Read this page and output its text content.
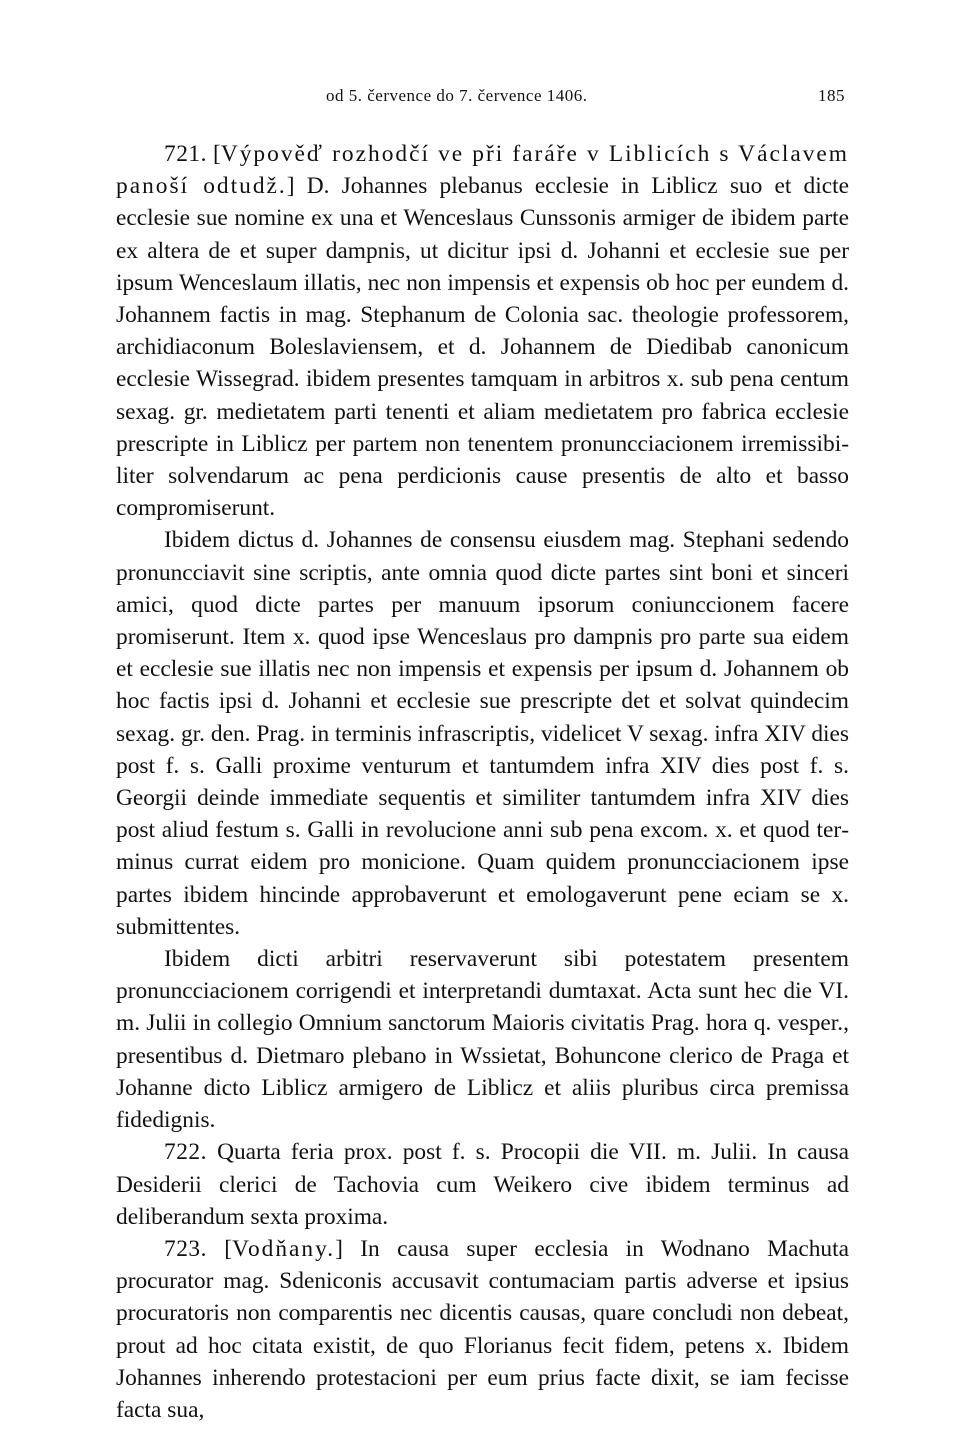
od 5. července do 7. července 1406.	185

721. [Výpověď rozhodčí ve při faráře v Liblicích s Václavem panoší odtudž.] D. Johannes plebanus ecclesie in Liblicz suo et dicte ecclesie sue nomine ex una et Wenceslaus Cunssonis armiger de ibidem parte ex altera de et super dampnis, ut dicitur ipsi d. Johanni et ecclesie sue per ipsum Wenceslaum illatis, nec non impensis et expensis ob hoc per eundem d. Johannem factis in mag. Stephanum de Colonia sac. theologie professorem, archidiaconum Boleslaviensem, et d. Johannem de Diedibab canonicum ecclesie Wissegrad. ibidem presentes tamquam in arbitros x. sub pena centum sexag. gr. medietatem parti tenenti et aliam medietatem pro fabrica ecclesie prescripte in Liblicz per partem non tenentem pronuncciacionem irremissibiliter solvendarum ac pena perdicionis cause presentis de alto et basso compromiserunt.

Ibidem dictus d. Johannes de consensu eiusdem mag. Stephani sedendo pronuncciavit sine scriptis, ante omnia quod dicte partes sint boni et sinceri amici, quod dicte partes per manuum ipsorum coniunccionem facere promiserunt. Item x. quod ipse Wenceslaus pro dampnis pro parte sua eidem et ecclesie sue illatis nec non impensis et expensis per ipsum d. Johannem ob hoc factis ipsi d. Johanni et ecclesie sue prescripte det et solvat quindecim sexag. gr. den. Prag. in terminis infrascriptis, videlicet V sexag. infra XIV dies post f. s. Galli proxime venturum et tantumdem infra XIV dies post f. s. Georgii deinde immediate sequentis et similiter tantumdem infra XIV dies post aliud festum s. Galli in revolucione anni sub pena excom. x. et quod terminus currat eidem pro monicione. Quam quidem pronuncciacionem ipse partes ibidem hincinde approbaverunt et emologaverunt pene eciam se x. submittentes.

Ibidem dicti arbitri reservaverunt sibi potestatem presentem pronuncciacionem corrigendi et interpretandi dumtaxat. Acta sunt hec die VI. m. Julii in collegio Omnium sanctorum Maioris civitatis Prag. hora q. vesper., presentibus d. Dietmaro plebano in Wssietat, Bohuncone clerico de Praga et Johanne dicto Liblicz armigero de Liblicz et aliis pluribus circa premissa fidedignis.

722. Quarta feria prox. post f. s. Procopii die VII. m. Julii. In causa Desiderii clerici de Tachovia cum Weikero cive ibidem terminus ad deliberandum sexta proxima.

723. [Vodňany.] In causa super ecclesia in Wodnano Machuta procurator mag. Sdeniconis accusavit contumaciam partis adverse et ipsius procuratoris non comparentis nec dicentis causas, quare concludi non debeat, prout ad hoc citata existit, de quo Florianus fecit fidem, petens x. Ibidem Johannes inherendo protestacioni per eum prius facte dixit, se iam fecisse facta sua,
